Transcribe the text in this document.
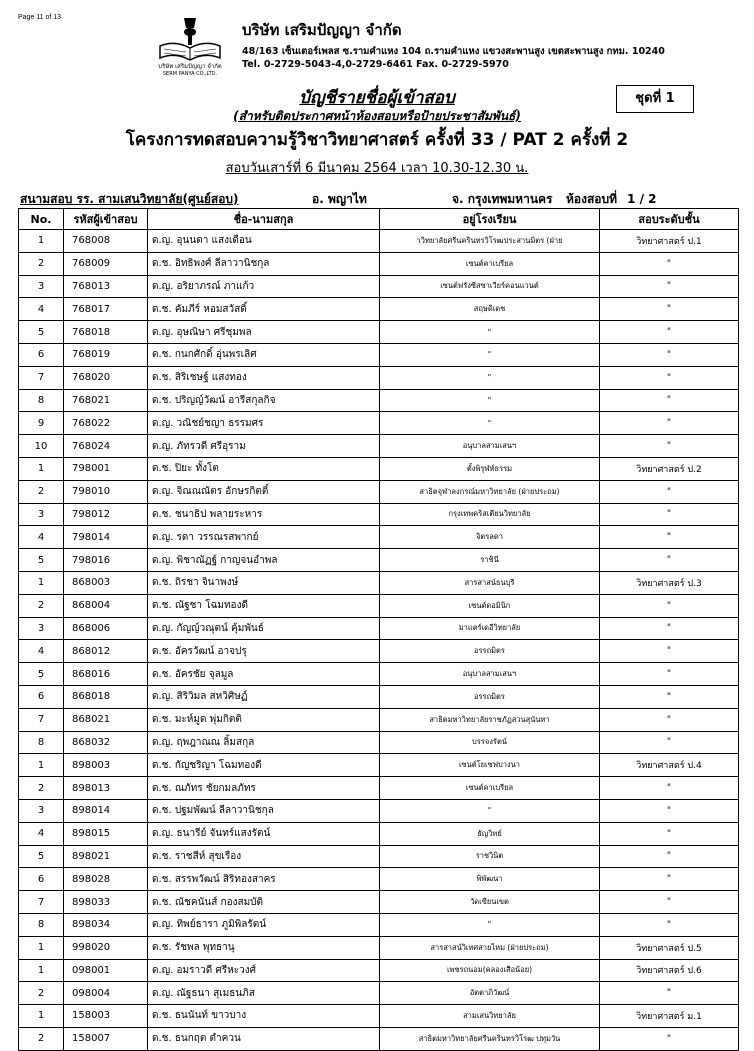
Page 11 of 13
บริษัท เสริมปัญญา จำกัด
SERM PANYA CO.,LTD.
บริษัท เสริมปัญญา จำกัด
48/163 เซ็นเตอร์เพลส ซ.รามคำแหง 104 ถ.รามคำแหง แขวงสะพานสูง เขตสะพานสูง กทม. 10240
Tel. 0-2729-5043-4,0-2729-6461 Fax. 0-2729-5970
บัญชีรายชื่อผู้เข้าสอบ	ชุดที่ 1
(สำหรับติดประกาศหน้าห้องสอบหรือป้ายประชาสัมพันธ์)
โครงการทดสอบความรู้วิชาวิทยาศาสตร์ ครั้งที่ 33 / PAT 2 ครั้งที่ 2
สอบวันเสาร์ที่ 6 มีนาคม 2564 เวลา 10.30-12.30 น.
สนามสอบ รร. สามเสนวิทยาลัย(ศูนย์สอบ)	อ. พญาไท	จ. กรุงเทพมหานคร ห้องสอบที่ 1 / 2
No.	รหัสผู้เข้าสอบ	ชื่อ-นามสกุล	อยู่โรงเรียน	สอบระดับชั้น
1	768008	ด.ญ. อุนนดา แสงเดือน	าวิทยาลัยศรีนครินทรวิโรฒประสานมิตร (ฝ่าย	วิทยาศาสตร์ ป.1
2	768009	ด.ช. อิทธิพงศ์ ลีลาวานิชกุล	เซนต์คาเบรียล	"
3	768013	ด.ญ. อริยาภรณ์ ภาแก้ว	เซนต์ฟรังซีสซาเวียร์คอนแวนต์	"
4	768017	ด.ช. คัมภีร์ หอมสวัสดิ์	สฤษดิเดช	"
5	768018	ด.ญ. อุษณิษา ศรีชุมพล	"	"
6	768019	ด.ช. กนกศักดิ์ อุ่นพรเลิศ	"	"
7	768020	ด.ช. สิริเชษฐ์ แสงทอง	"	"
8	768021	ด.ช. ปริญญ์วัฒน์ อารีสกุลกิจ	"	"
9	768022	ด.ญ. วณิชย์ชญา ธรรมศร	"	"
10	768024	ด.ญ. ภัทรวดี ศรีอุราม	อนุบาลสามเสนฯ	"
1	798001	ด.ช. ปิยะ ทั้งโต	ตั้งพิรุฬห์ธรรม	วิทยาศาสตร์ ป.2
2	798010	ด.ญ. จิณณณัตร อักษรกิตติ์	สาธิตจุฬาลงกรณ์มหาวิทยาลัย (ฝ่ายประถม)	"
3	798012	ด.ช. ชนาธิป พลายระหาร	กรุงเทพคริสเตียนวิทยาลัย	"
4	798014	ด.ญ. รดา วรรณรสพากย์	จิตรลดา	"
5	798016	ด.ญ. พิชาณัฏฐ์ กาญจนอำพล	ราชินี	"
1	868003	ด.ช. ถิรชา จินาพงษ์	สารสาสน์ธนบุรี	วิทยาศาสตร์ ป.3
2	868004	ด.ช. ณัฐชา โฉมทองดี	เซนต์ดอมินิก	"
3	868006	ด.ญ. กัญญ์วณุตน์ คุ้มพันธ์	มาแตร์เดอีวิทยาลัย	"
4	868012	ด.ช. อัครวัฒน์ อาจปรุ	อรรถมิตร	"
5	868016	ด.ช. อัครชัย จุลมูล	อนุบาลสามเสนฯ	"
6	868018	ด.ญ. สิริวิมล สหวิศิษฏ์	อรรถมิตร	"
7	868021	ด.ช. มะห์มูด พุ่มกิตติ	สาธิตมหาวิทยาลัยราชภัฏสวนสุนันทา	"
8	868032	ด.ญ. ฤพฎาณณ ลิ้มสกุล	บรรจงรัตน์	"
1	898003	ด.ช. กัญชริญา โฉมทองดี	เซนต์โยเซฟบางนา	วิทยาศาสตร์ ป.4
2	898013	ด.ช. ณภัทร ชัยกมลภัทร	เซนต์คาเบรียล	"
3	898014	ด.ช. ปฐมพัฒน์ ลีลาวานิชกุล	"	"
4	898015	ด.ญ. ธนารีย์ จันทร์แสงรัตน์	ธัญวิทย์	"
5	898021	ด.ช. ราชสีห์ สุขเรือง	ราชวินิต	"
6	898028	ด.ช. สรรพวัฒน์ สิริทองสาคร	พิพัฒนา	"
7	898033	ด.ช. ณัชคนันส์ กองสมบัติ	วัดเขียนเขต	"
8	898034	ด.ญ. ทิพย์ธารา ภูมิพิลรัตน์	"	"
1	998020	ด.ช. รัชพล พุทธานุ	สารสาสน์วิเทศสายไหม (ฝ่ายประถม)	วิทยาศาสตร์ ป.5
1	098001	ด.ญ. อมราวดี ศรีหะวงศ์	เพชรถนอม(คลองเสือน้อย)	วิทยาศาสตร์ ป.6
2	098004	ด.ญ. ณัฐธนา สุเมธนภิส	อัตตาภิวัฒน์	"
1	158003	ด.ช. ธนนันท์ ขาวบาง	สามเสนวิทยาลัย	วิทยาศาสตร์ ม.1
2	158007	ด.ช. ธนกฤต ตำควน	สาธิตมหาวิทยาลัยศรีนครินทรวิโรฒ ปทุมวัน	"
